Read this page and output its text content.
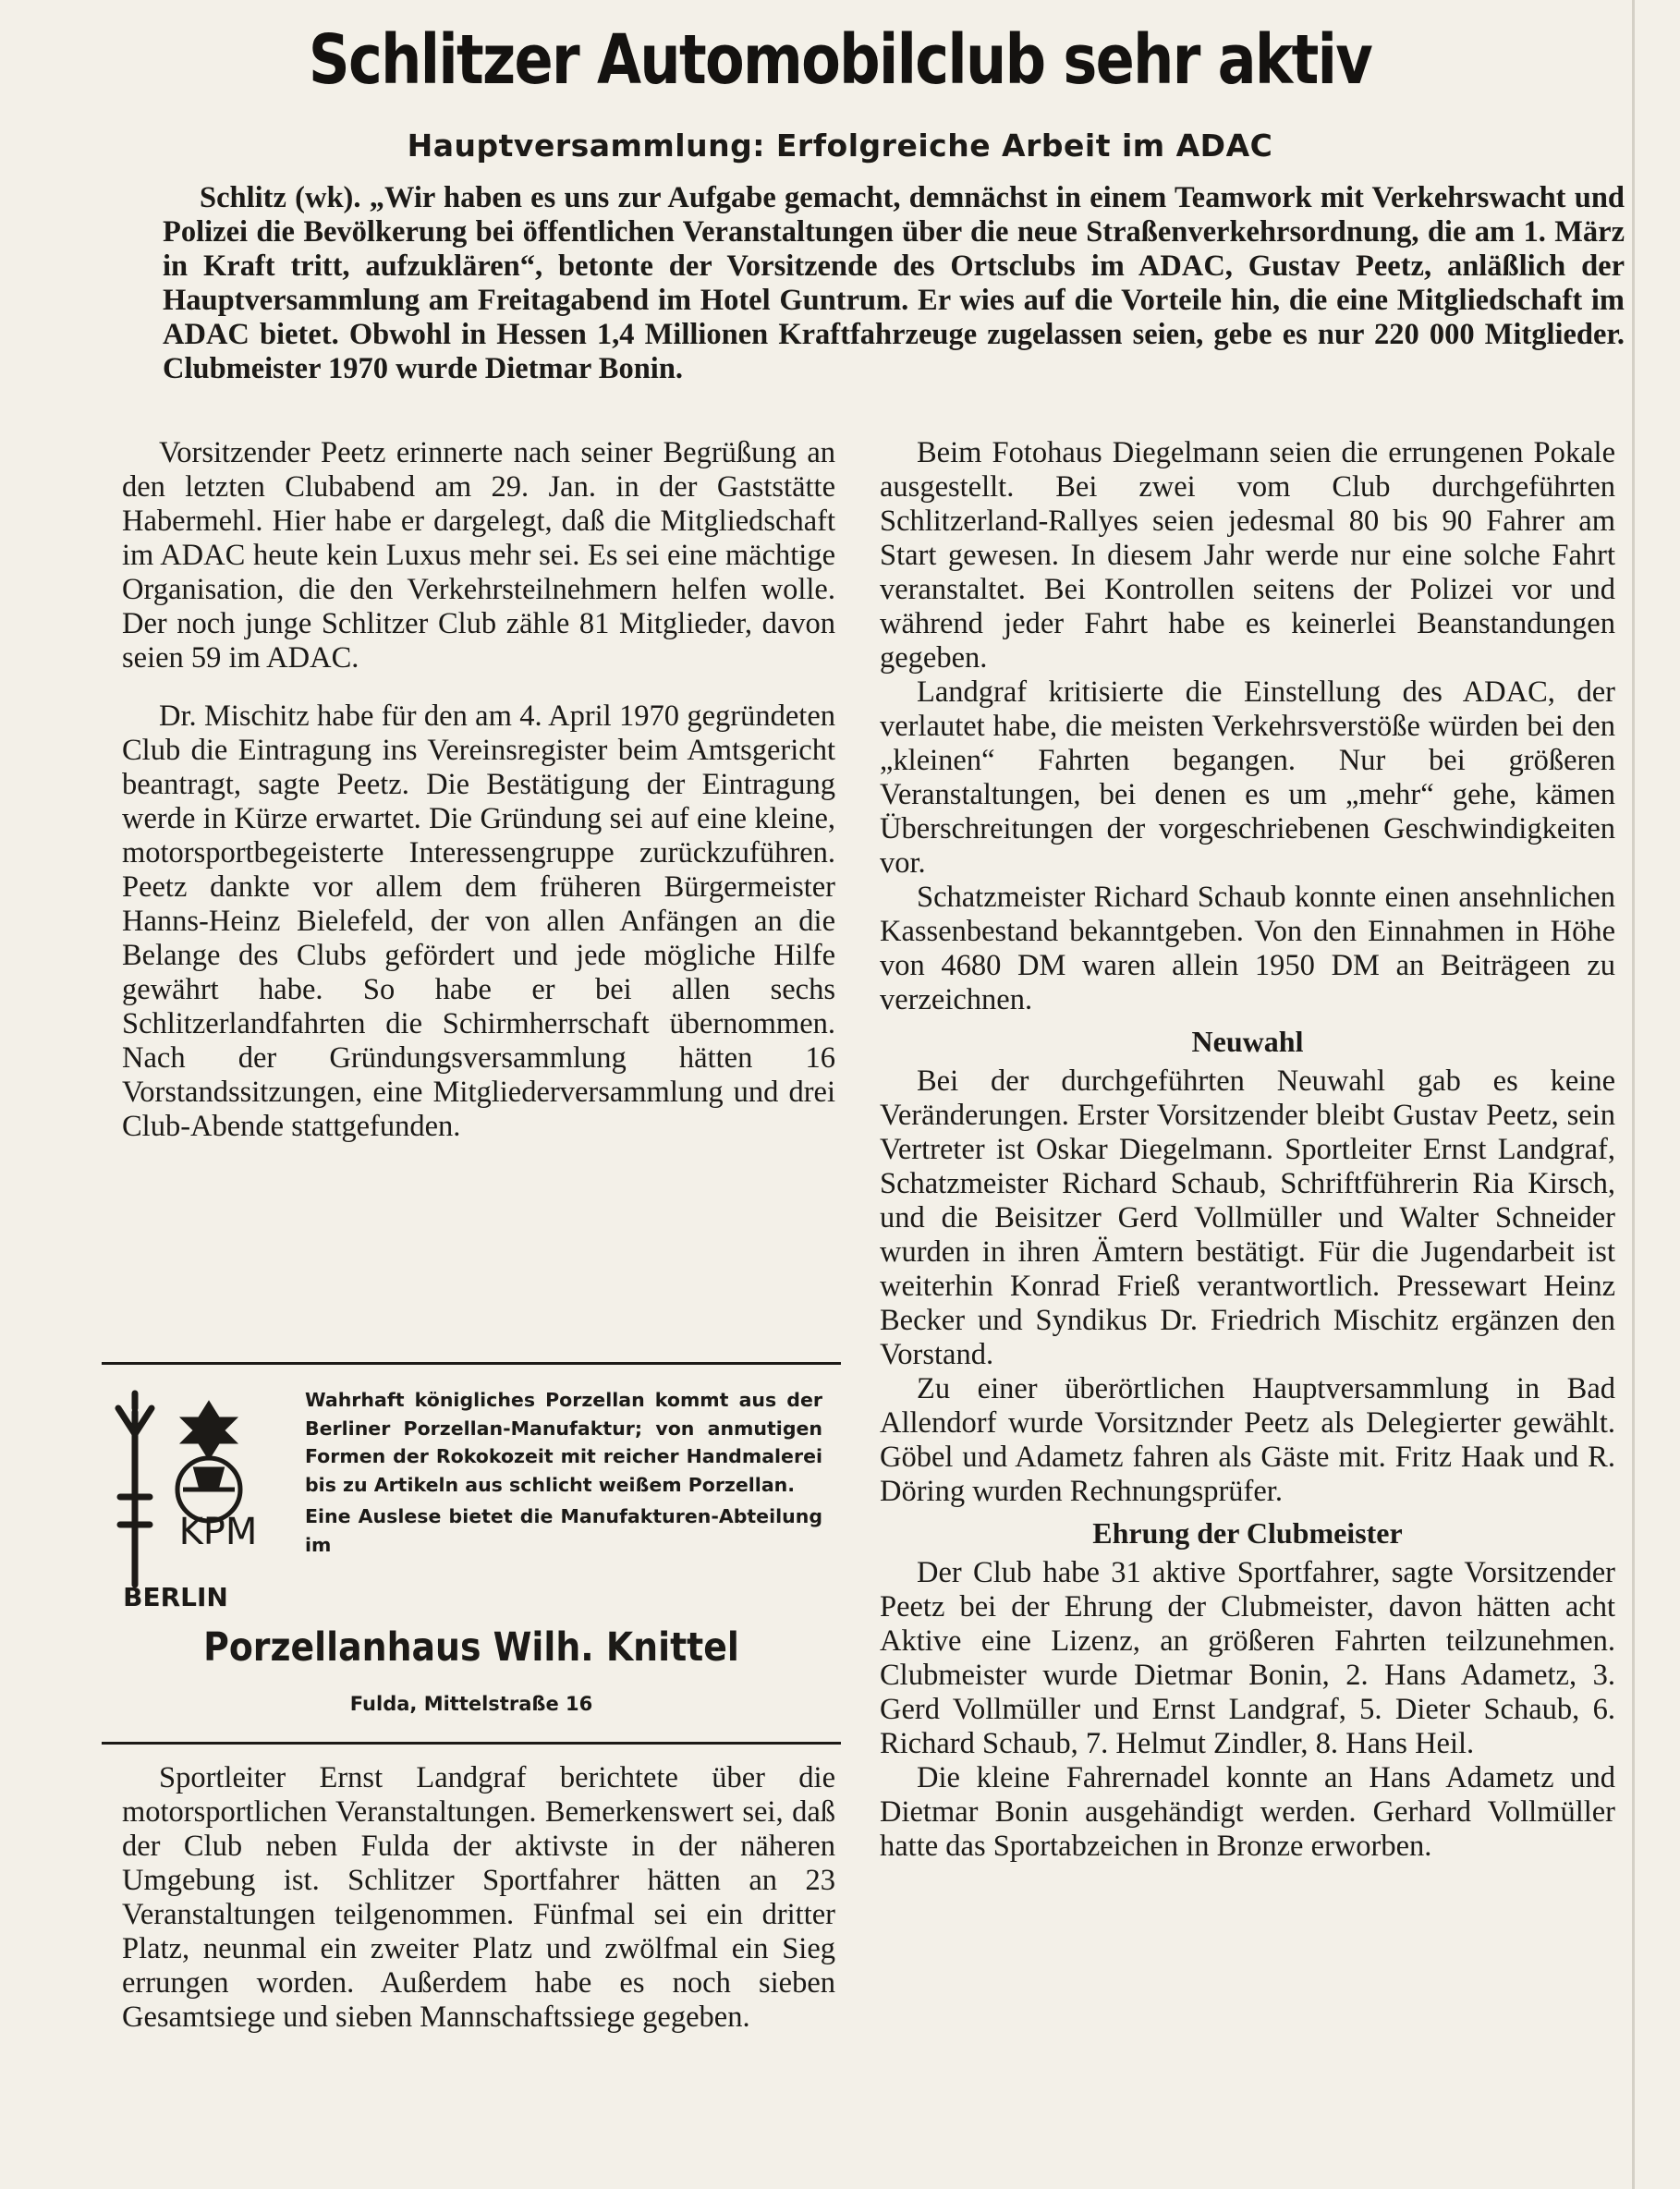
Schlitzer Automobilclub sehr aktiv
Hauptversammlung: Erfolgreiche Arbeit im ADAC
Schlitz (wk). „Wir haben es uns zur Aufgabe gemacht, demnächst in einem Teamwork mit Verkehrswacht und Polizei die Bevölkerung bei öffentlichen Veranstaltungen über die neue Straßenverkehrsordnung, die am 1. März in Kraft tritt, aufzuklären“, betonte der Vorsitzende des Ortsclubs im ADAC, Gustav Peetz, anläßlich der Hauptversammlung am Freitagabend im Hotel Guntrum. Er wies auf die Vorteile hin, die eine Mitgliedschaft im ADAC bietet. Obwohl in Hessen 1,4 Millionen Kraftfahrzeuge zugelassen seien, gebe es nur 220 000 Mitglieder. Clubmeister 1970 wurde Dietmar Bonin.

Vorsitzender Peetz erinnerte nach seiner Begrüßung an den letzten Clubabend am 29. Jan. in der Gaststätte Habermehl. Hier habe er dargelegt, daß die Mitgliedschaft im ADAC heute kein Luxus mehr sei. Es sei eine mächtige Organisation, die den Verkehrsteilnehmern helfen wolle. Der noch junge Schlitzer Club zähle 81 Mitglieder, davon seien 59 im ADAC.

Dr. Mischitz habe für den am 4. April 1970 gegründeten Club die Eintragung ins Vereinsregister beim Amtsgericht beantragt, sagte Peetz. Die Bestätigung der Eintragung werde in Kürze erwartet. Die Gründung sei auf eine kleine, motorsportbegeisterte Interessengruppe zurückzuführen. Peetz dankte vor allem dem früheren Bürgermeister Hanns-Heinz Bielefeld, der von allen Anfängen an die Belange des Clubs gefördert und jede mögliche Hilfe gewährt habe. So habe er bei allen sechs Schlitzerlandfahrten die Schirmherrschaft übernommen. Nach der Gründungsversammlung hätten 16 Vorstandssitzungen, eine Mitgliederversammlung und drei Club-Abende stattgefunden.

KPM
BERLIN

Wahrhaft königliches Porzellan kommt aus der Berliner Porzellan-Manufaktur; von anmutigen Formen der Rokokozeit mit reicher Handmalerei bis zu Artikeln aus schlicht weißem Porzellan.

Eine Auslese bietet die Manufakturen-Abteilung im

Porzellanhaus Wilh. Knittel
Fulda, Mittelstraße 16

Sportleiter Ernst Landgraf berichtete über die motorsportlichen Veranstaltungen. Bemerkenswert sei, daß der Club neben Fulda der aktivste in der näheren Umgebung ist. Schlitzer Sportfahrer hätten an 23 Veranstaltungen teilgenommen. Fünfmal sei ein dritter Platz, neunmal ein zweiter Platz und zwölfmal ein Sieg errungen worden. Außerdem habe es noch sieben Gesamtsiege und sieben Mannschaftssiege gegeben.

Beim Fotohaus Diegelmann seien die errungenen Pokale ausgestellt. Bei zwei vom Club durchgeführten Schlitzerland-Rallyes seien jedesmal 80 bis 90 Fahrer am Start gewesen. In diesem Jahr werde nur eine solche Fahrt veranstaltet. Bei Kontrollen seitens der Polizei vor und während jeder Fahrt habe es keinerlei Beanstandungen gegeben.

Landgraf kritisierte die Einstellung des ADAC, der verlautet habe, die meisten Verkehrsverstöße würden bei den „kleinen“ Fahrten begangen. Nur bei größeren Veranstaltungen, bei denen es um „mehr“ gehe, kämen Überschreitungen der vorgeschriebenen Geschwindigkeiten vor.

Schatzmeister Richard Schaub konnte einen ansehnlichen Kassenbestand bekanntgeben. Von den Einnahmen in Höhe von 4680 DM waren allein 1950 DM an Beiträgeen zu verzeichnen.

Neuwahl

Bei der durchgeführten Neuwahl gab es keine Veränderungen. Erster Vorsitzender bleibt Gustav Peetz, sein Vertreter ist Oskar Diegelmann. Sportleiter Ernst Landgraf, Schatzmeister Richard Schaub, Schriftführerin Ria Kirsch, und die Beisitzer Gerd Vollmüller und Walter Schneider wurden in ihren Ämtern bestätigt. Für die Jugendarbeit ist weiterhin Konrad Frieß verantwortlich. Pressewart Heinz Becker und Syndikus Dr. Friedrich Mischitz ergänzen den Vorstand.

Zu einer überörtlichen Hauptversammlung in Bad Allendorf wurde Vorsitznder Peetz als Delegierter gewählt. Göbel und Adametz fahren als Gäste mit. Fritz Haak und R. Döring wurden Rechnungsprüfer.

Ehrung der Clubmeister

Der Club habe 31 aktive Sportfahrer, sagte Vorsitzender Peetz bei der Ehrung der Clubmeister, davon hätten acht Aktive eine Lizenz, an größeren Fahrten teilzunehmen. Clubmeister wurde Dietmar Bonin, 2. Hans Adametz, 3. Gerd Vollmüller und Ernst Landgraf, 5. Dieter Schaub, 6. Richard Schaub, 7. Helmut Zindler, 8. Hans Heil.

Die kleine Fahrernadel konnte an Hans Adametz und Dietmar Bonin ausgehändigt werden. Gerhard Vollmüller hatte das Sportabzeichen in Bronze erworben.
